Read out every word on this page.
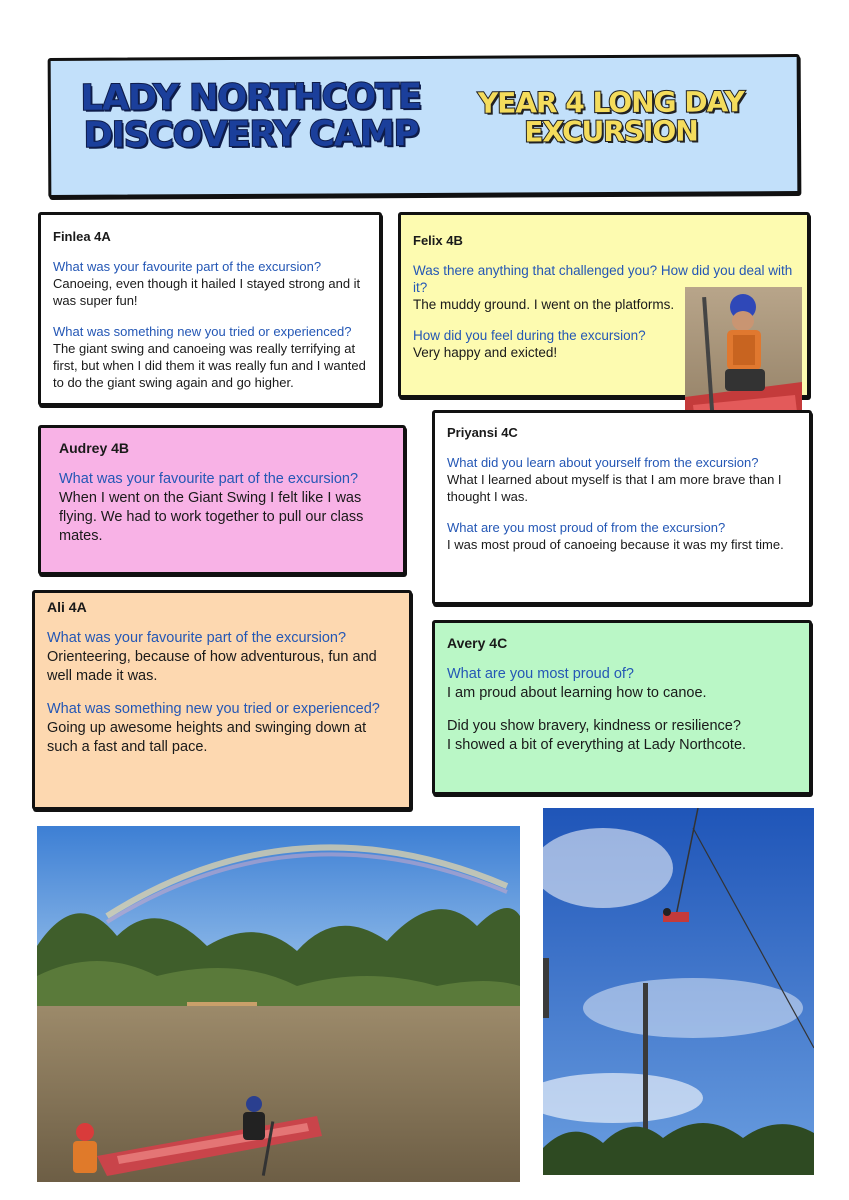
LADY NORTHCOTE
DISCOVERY CAMP
YEAR 4 LONG DAY
EXCURSION
Finlea 4A
What was your favourite part of the excursion?
Canoeing, even though it hailed I stayed strong and it was super fun!
What was something new you tried or experienced?
The giant swing and canoeing was really terrifying at first, but when I did them it was really fun and I wanted to do the giant swing again and go higher.
Felix 4B
Was there anything that challenged you? How did you deal with it?
The muddy ground. I went on the platforms.
How did you feel during the excursion?
Very happy and exicted!
Audrey 4B
What was your favourite part of the excursion?
When I went on the Giant Swing I felt like I was flying. We had to work together to pull our class mates.
Priyansi 4C
What did you learn about yourself from the excursion?
What I learned about myself is that I am more brave than I thought I was.
What are you most proud of from the excursion?
I was most proud of canoeing because it was my first time.
Ali 4A
What was your favourite part of the excursion?
Orienteering, because of how adventurous, fun and well made it was.
What was something new you tried or experienced?
Going up awesome heights and swinging down at such a fast and tall pace.
Avery 4C
What are you most proud of?
I am proud about learning how to canoe.
Did you show bravery, kindness or resilience?
I showed a bit of everything at Lady Northcote.
